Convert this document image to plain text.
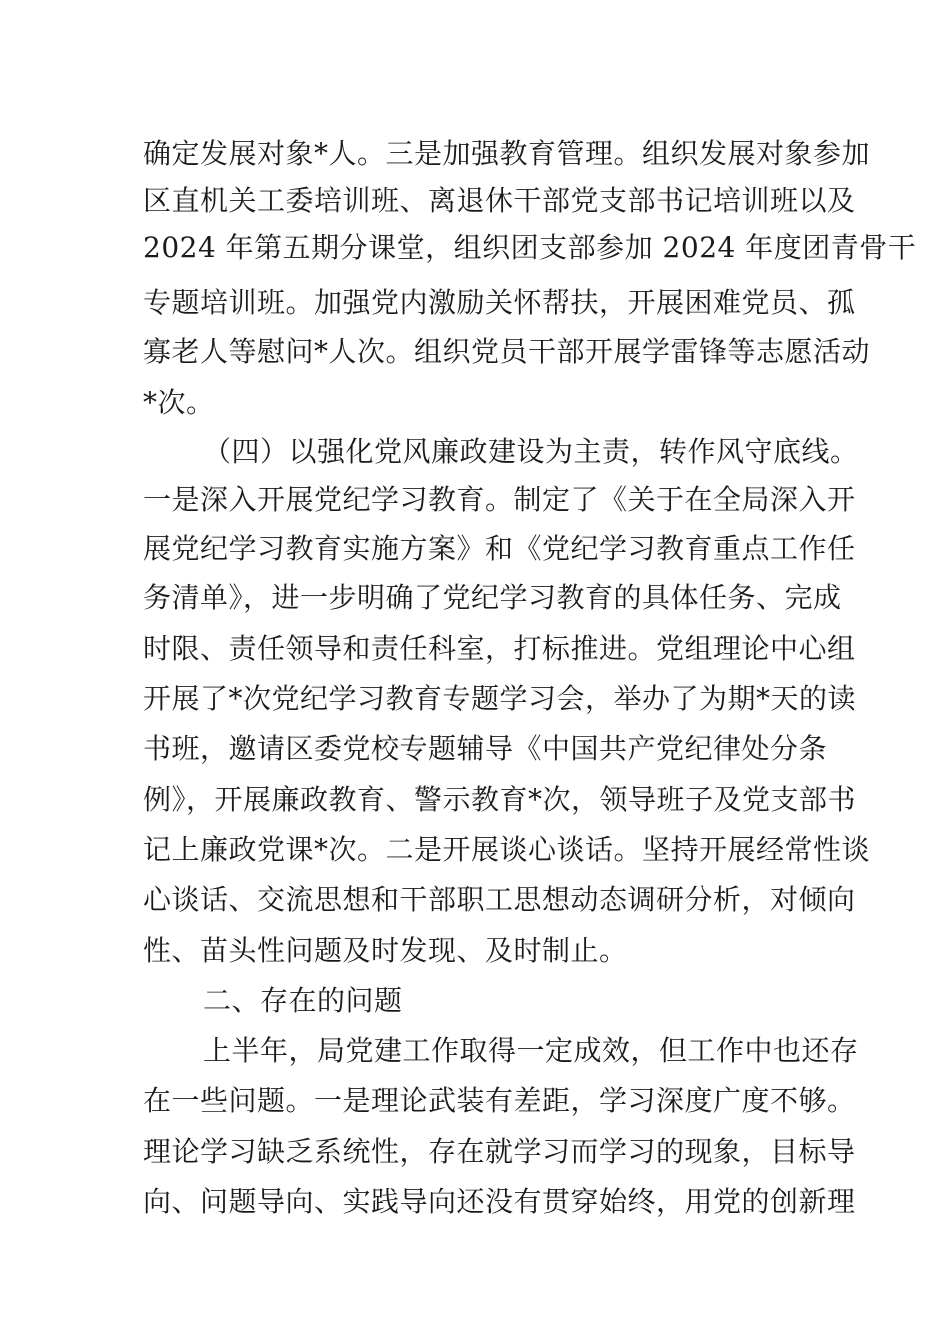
确定发展对象*人。三是加强教育管理。组织发展对象参加
区直机关工委培训班、离退休干部党支部书记培训班以及
2024 年第五期分课堂，组织团支部参加 2024 年度团青骨干
专题培训班。加强党内激励关怀帮扶，开展困难党员、孤
寡老人等慰问*人次。组织党员干部开展学雷锋等志愿活动
*次。
（四）以强化党风廉政建设为主责，转作风守底线。
一是深入开展党纪学习教育。制定了《关于在全局深入开
展党纪学习教育实施方案》和《党纪学习教育重点工作任
务清单》，进一步明确了党纪学习教育的具体任务、完成
时限、责任领导和责任科室，打标推进。党组理论中心组
开展了*次党纪学习教育专题学习会，举办了为期*天的读
书班，邀请区委党校专题辅导《中国共产党纪律处分条
例》，开展廉政教育、警示教育*次，领导班子及党支部书
记上廉政党课*次。二是开展谈心谈话。坚持开展经常性谈
心谈话、交流思想和干部职工思想动态调研分析，对倾向
性、苗头性问题及时发现、及时制止。
二、存在的问题
上半年，局党建工作取得一定成效，但工作中也还存
在一些问题。一是理论武装有差距，学习深度广度不够。
理论学习缺乏系统性，存在就学习而学习的现象，目标导
向、问题导向、实践导向还没有贯穿始终，用党的创新理
